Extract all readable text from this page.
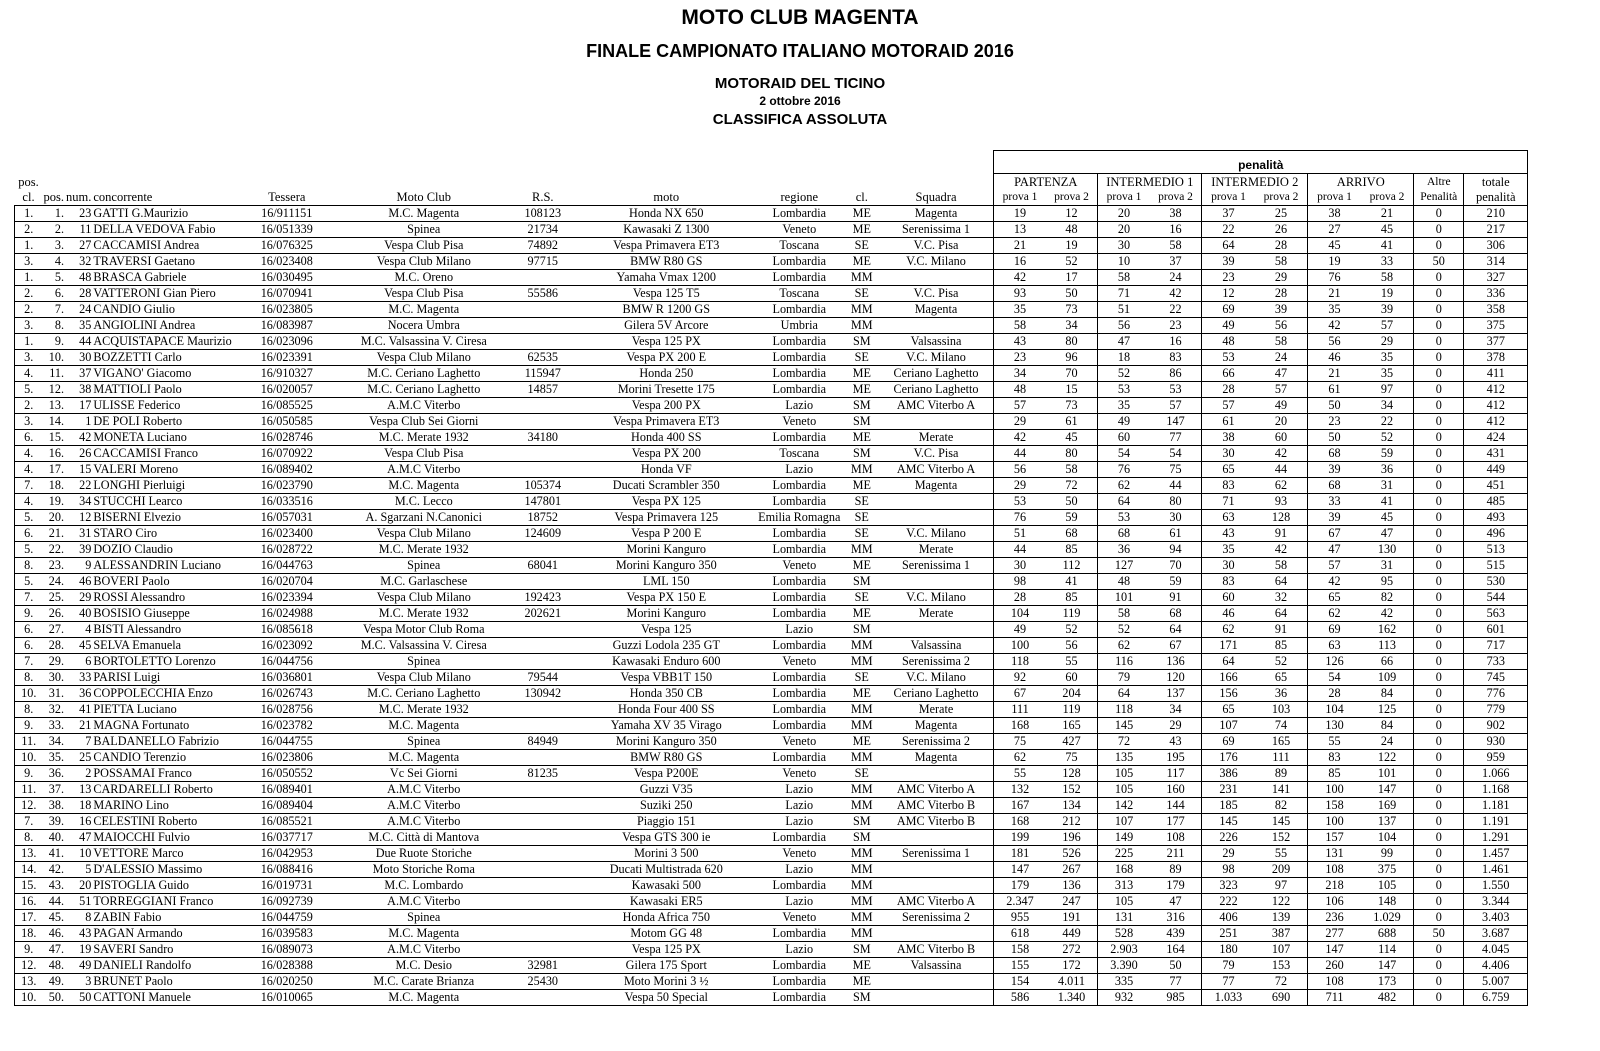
MOTO CLUB MAGENTA
FINALE CAMPIONATO ITALIANO MOTORAID 2016
MOTORAID DEL TICINO
2 ottobre 2016
CLASSIFICA ASSOLUTA
											penalità									
pos.	pos.	num.	concorrente	Tessera	Moto Club	R.S.	moto	regione	cl.	Squadra	PARTENZA		INTERMEDIO 1		INTERMEDIO 2		ARRIVO		Altre	totale
cl.											prova 1	prova 2	prova 1	prova 2	prova 1	prova 2	prova 1	prova 2	Penalità	penalità
1.	1.	23	GATTI G.Maurizio	16/911151	M.C. Magenta	108123	Honda NX 650	Lombardia	ME	Magenta	19	12	20	38	37	25	38	21	0	210
2.	2.	11	DELLA VEDOVA Fabio	16/051339	Spinea	21734	Kawasaki Z 1300	Veneto	ME	Serenissima 1	13	48	20	16	22	26	27	45	0	217
1.	3.	27	CACCAMISI Andrea	16/076325	Vespa Club Pisa	74892	Vespa Primavera ET3	Toscana	SE	V.C. Pisa	21	19	30	58	64	28	45	41	0	306
3.	4.	32	TRAVERSI Gaetano	16/023408	Vespa Club Milano	97715	BMW R80 GS	Lombardia	ME	V.C. Milano	16	52	10	37	39	58	19	33	50	314
1.	5.	48	BRASCA Gabriele	16/030495	M.C. Oreno		Yamaha Vmax 1200	Lombardia	MM		42	17	58	24	23	29	76	58	0	327
2.	6.	28	VATTERONI Gian Piero	16/070941	Vespa Club Pisa	55586	Vespa 125 T5	Toscana	SE	V.C. Pisa	93	50	71	42	12	28	21	19	0	336
2.	7.	24	CANDIO Giulio	16/023805	M.C. Magenta		BMW R 1200 GS	Lombardia	MM	Magenta	35	73	51	22	69	39	35	39	0	358
3.	8.	35	ANGIOLINI Andrea	16/083987	Nocera Umbra		Gilera 5V Arcore	Umbria	MM		58	34	56	23	49	56	42	57	0	375
1.	9.	44	ACQUISTAPACE Maurizio	16/023096	M.C. Valsassina V. Ciresa		Vespa 125 PX	Lombardia	SM	Valsassina	43	80	47	16	48	58	56	29	0	377
3.	10.	30	BOZZETTI Carlo	16/023391	Vespa Club Milano	62535	Vespa PX 200 E	Lombardia	SE	V.C. Milano	23	96	18	83	53	24	46	35	0	378
4.	11.	37	VIGANO' Giacomo	16/910327	M.C. Ceriano Laghetto	115947	Honda 250	Lombardia	ME	Ceriano Laghetto	34	70	52	86	66	47	21	35	0	411
5.	12.	38	MATTIOLI Paolo	16/020057	M.C. Ceriano Laghetto	14857	Morini Tresette 175	Lombardia	ME	Ceriano Laghetto	48	15	53	53	28	57	61	97	0	412
2.	13.	17	ULISSE Federico	16/085525	A.M.C Viterbo		Vespa 200 PX	Lazio	SM	AMC Viterbo A	57	73	35	57	57	49	50	34	0	412
3.	14.	1	DE POLI Roberto	16/050585	Vespa Club Sei Giorni		Vespa Primavera ET3	Veneto	SM		29	61	49	147	61	20	23	22	0	412
6.	15.	42	MONETA Luciano	16/028746	M.C. Merate 1932	34180	Honda 400 SS	Lombardia	ME	Merate	42	45	60	77	38	60	50	52	0	424
4.	16.	26	CACCAMISI Franco	16/070922	Vespa Club Pisa		Vespa PX 200	Toscana	SM	V.C. Pisa	44	80	54	54	30	42	68	59	0	431
4.	17.	15	VALERI Moreno	16/089402	A.M.C Viterbo		Honda VF	Lazio	MM	AMC Viterbo A	56	58	76	75	65	44	39	36	0	449
7.	18.	22	LONGHI Pierluigi	16/023790	M.C. Magenta	105374	Ducati Scrambler 350	Lombardia	ME	Magenta	29	72	62	44	83	62	68	31	0	451
4.	19.	34	STUCCHI Learco	16/033516	M.C. Lecco	147801	Vespa PX 125	Lombardia	SE		53	50	64	80	71	93	33	41	0	485
5.	20.	12	BISERNI Elvezio	16/057031	A. Sgarzani N.Canonici	18752	Vespa Primavera 125	Emilia Romagna	SE		76	59	53	30	63	128	39	45	0	493
6.	21.	31	STARO Ciro	16/023400	Vespa Club Milano	124609	Vespa P 200 E	Lombardia	SE	V.C. Milano	51	68	68	61	43	91	67	47	0	496
5.	22.	39	DOZIO Claudio	16/028722	M.C. Merate 1932		Morini Kanguro	Lombardia	MM	Merate	44	85	36	94	35	42	47	130	0	513
8.	23.	9	ALESSANDRIN Luciano	16/044763	Spinea	68041	Morini Kanguro 350	Veneto	ME	Serenissima 1	30	112	127	70	30	58	57	31	0	515
5.	24.	46	BOVERI Paolo	16/020704	M.C. Garlaschese		LML 150	Lombardia	SM		98	41	48	59	83	64	42	95	0	530
7.	25.	29	ROSSI Alessandro	16/023394	Vespa Club Milano	192423	Vespa PX 150 E	Lombardia	SE	V.C. Milano	28	85	101	91	60	32	65	82	0	544
9.	26.	40	BOSISIO Giuseppe	16/024988	M.C. Merate 1932	202621	Morini Kanguro	Lombardia	ME	Merate	104	119	58	68	46	64	62	42	0	563
6.	27.	4	BISTI Alessandro	16/085618	Vespa Motor Club Roma		Vespa 125	Lazio	SM		49	52	52	64	62	91	69	162	0	601
6.	28.	45	SELVA Emanuela	16/023092	M.C. Valsassina V. Ciresa		Guzzi Lodola 235 GT	Lombardia	MM	Valsassina	100	56	62	67	171	85	63	113	0	717
7.	29.	6	BORTOLETTO Lorenzo	16/044756	Spinea		Kawasaki Enduro 600	Veneto	MM	Serenissima 2	118	55	116	136	64	52	126	66	0	733
8.	30.	33	PARISI Luigi	16/036801	Vespa Club Milano	79544	Vespa VBB1T 150	Lombardia	SE	V.C. Milano	92	60	79	120	166	65	54	109	0	745
10.	31.	36	COPPOLECCHIA Enzo	16/026743	M.C. Ceriano Laghetto	130942	Honda 350 CB	Lombardia	ME	Ceriano Laghetto	67	204	64	137	156	36	28	84	0	776
8.	32.	41	PIETTA Luciano	16/028756	M.C. Merate 1932		Honda Four 400 SS	Lombardia	MM	Merate	111	119	118	34	65	103	104	125	0	779
9.	33.	21	MAGNA Fortunato	16/023782	M.C. Magenta		Yamaha XV 35 Virago	Lombardia	MM	Magenta	168	165	145	29	107	74	130	84	0	902
11.	34.	7	BALDANELLO Fabrizio	16/044755	Spinea	84949	Morini Kanguro 350	Veneto	ME	Serenissima 2	75	427	72	43	69	165	55	24	0	930
10.	35.	25	CANDIO Terenzio	16/023806	M.C. Magenta		BMW R80 GS	Lombardia	MM	Magenta	62	75	135	195	176	111	83	122	0	959
9.	36.	2	POSSAMAI Franco	16/050552	Vc Sei Giorni	81235	Vespa P200E	Veneto	SE		55	128	105	117	386	89	85	101	0	1.066
11.	37.	13	CARDARELLI Roberto	16/089401	A.M.C Viterbo		Guzzi V35	Lazio	MM	AMC Viterbo A	132	152	105	160	231	141	100	147	0	1.168
12.	38.	18	MARINO Lino	16/089404	A.M.C Viterbo		Suziki 250	Lazio	MM	AMC Viterbo B	167	134	142	144	185	82	158	169	0	1.181
7.	39.	16	CELESTINI Roberto	16/085521	A.M.C Viterbo		Piaggio 151	Lazio	SM	AMC Viterbo B	168	212	107	177	145	145	100	137	0	1.191
8.	40.	47	MAIOCCHI Fulvio	16/037717	M.C. Città di Mantova		Vespa GTS 300 ie	Lombardia	SM		199	196	149	108	226	152	157	104	0	1.291
13.	41.	10	VETTORE Marco	16/042953	Due Ruote Storiche		Morini 3 500	Veneto	MM	Serenissima 1	181	526	225	211	29	55	131	99	0	1.457
14.	42.	5	D'ALESSIO Massimo	16/088416	Moto Storiche Roma		Ducati Multistrada 620	Lazio	MM		147	267	168	89	98	209	108	375	0	1.461
15.	43.	20	PISTOGLIA Guido	16/019731	M.C. Lombardo		Kawasaki 500	Lombardia	MM		179	136	313	179	323	97	218	105	0	1.550
16.	44.	51	TORREGGIANI Franco	16/092739	A.M.C Viterbo		Kawasaki ER5	Lazio	MM	AMC Viterbo A	2.347	247	105	47	222	122	106	148	0	3.344
17.	45.	8	ZABIN Fabio	16/044759	Spinea		Honda Africa 750	Veneto	MM	Serenissima 2	955	191	131	316	406	139	236	1.029	0	3.403
18.	46.	43	PAGAN Armando	16/039583	M.C. Magenta		Motom GG 48	Lombardia	MM		618	449	528	439	251	387	277	688	50	3.687
9.	47.	19	SAVERI Sandro	16/089073	A.M.C Viterbo		Vespa 125 PX	Lazio	SM	AMC Viterbo B	158	272	2.903	164	180	107	147	114	0	4.045
12.	48.	49	DANIELI Randolfo	16/028388	M.C. Desio	32981	Gilera 175 Sport	Lombardia	ME	Valsassina	155	172	3.390	50	79	153	260	147	0	4.406
13.	49.	3	BRUNET Paolo	16/020250	M.C. Carate Brianza	25430	Moto Morini 3 ½	Lombardia	ME		154	4.011	335	77	77	72	108	173	0	5.007
10.	50.	50	CATTONI Manuele	16/010065	M.C. Magenta		Vespa 50 Special	Lombardia	SM		586	1.340	932	985	1.033	690	711	482	0	6.759
